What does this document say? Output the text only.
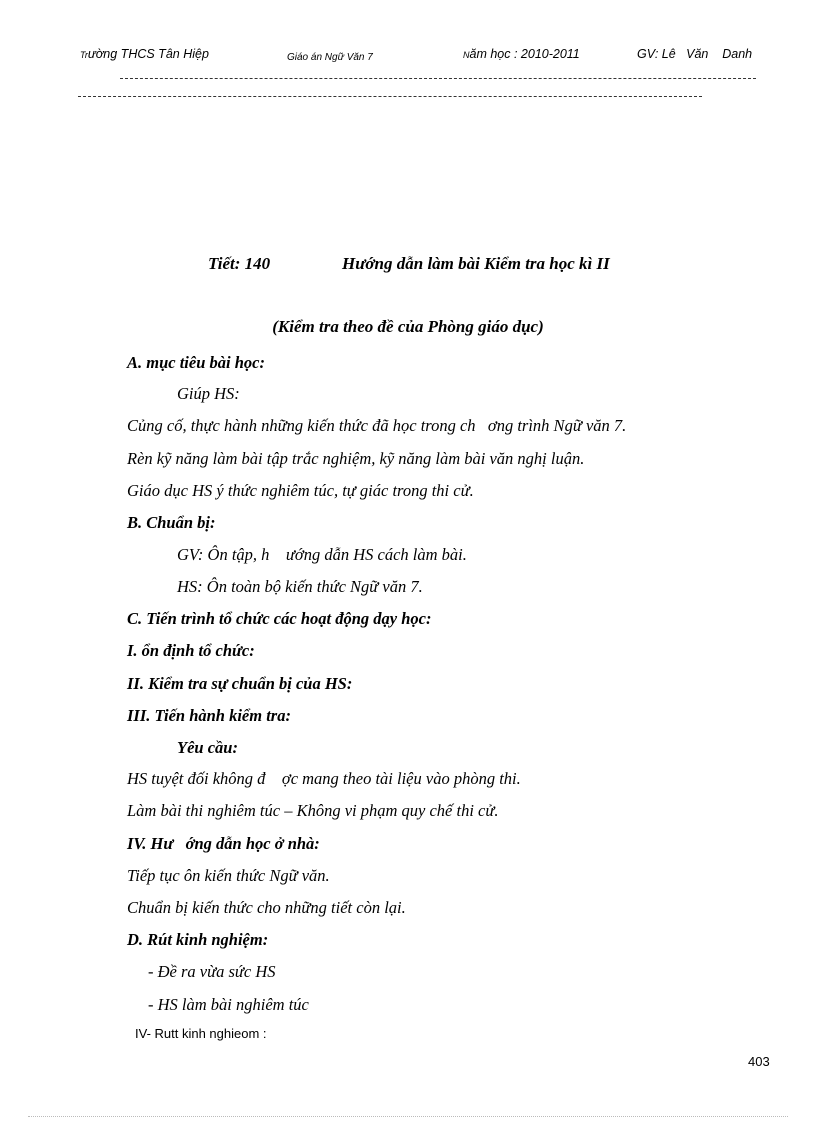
Trường THCS Tân Hiệp	Giáo án Ngữ Văn 7	Năm học : 2010-2011	GV: Lê   Văn    Danh
Tiết: 140	Hướng dẫn làm bài Kiểm tra học kì II
(Kiểm tra theo đề của Phòng giáo dục)
A. mục tiêu bài học:
Giúp HS:
Củng cố, thực hành những kiến thức đã học trong ch   ơng trình Ngữ văn 7.
Rèn kỹ năng làm bài tập trắc nghiệm, kỹ năng làm bài văn nghị luận.
Giáo dục HS ý thức nghiêm túc, tự giác trong thi cử.
B. Chuẩn bị:
GV: Ôn tập, h    ướng dẫn HS cách làm bài.
HS: Ôn toàn bộ kiến thức Ngữ văn 7.
C. Tiến trình tổ chức các hoạt động dạy học:
I. ổn định tổ chức:
II. Kiểm tra sự chuẩn bị của HS:
III. Tiến hành kiểm tra:
Yêu cầu:
HS tuyệt đối không đ    ợc mang theo tài liệu vào phòng thi.
Làm bài thi nghiêm túc – Không vi phạm quy chế thi cử.
IV. Hư   ớng dẫn học ở nhà:
Tiếp tục ôn kiến thức Ngữ văn.
Chuẩn bị kiến thức cho những tiết còn lại.
D. Rút kinh nghiệm:
- Đề ra vừa sức HS
- HS làm bài nghiêm túc
IV- Rutt kinh nghieom :
403
